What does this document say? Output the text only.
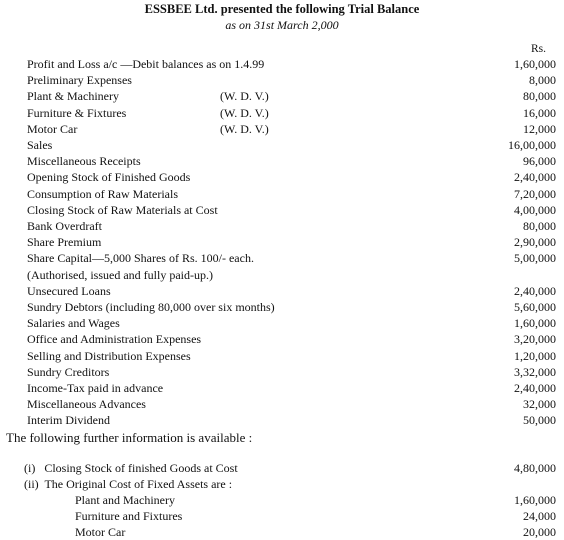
ESSBEE Ltd. presented the following Trial Balance
as on 31st March 2,000
Rs.
Profit and Loss a/c —Debit balances as on 1.4.99	1,60,000
Preliminary Expenses	8,000
Plant & Machinery	(W. D. V.)	80,000
Furniture & Fixtures	(W. D. V.)	16,000
Motor Car	(W. D. V.)	12,000
Sales	16,00,000
Miscellaneous Receipts	96,000
Opening Stock of Finished Goods	2,40,000
Consumption of Raw Materials	7,20,000
Closing Stock of Raw Materials at Cost	4,00,000
Bank Overdraft	80,000
Share Premium	2,90,000
Share Capital—5,000 Shares of Rs. 100/- each.	5,00,000
(Authorised, issued and fully paid-up.)
Unsecured Loans	2,40,000
Sundry Debtors (including 80,000 over six months)	5,60,000
Salaries and Wages	1,60,000
Office and Administration Expenses	3,20,000
Selling and Distribution Expenses	1,20,000
Sundry Creditors	3,32,000
Income-Tax paid in advance	2,40,000
Miscellaneous Advances	32,000
Interim Dividend	50,000
The following further information is available :
(i)   Closing Stock of finished Goods at Cost	4,80,000
(ii)  The Original Cost of Fixed Assets are :
Plant and Machinery	1,60,000
Furniture and Fixtures	24,000
Motor Car	20,000
